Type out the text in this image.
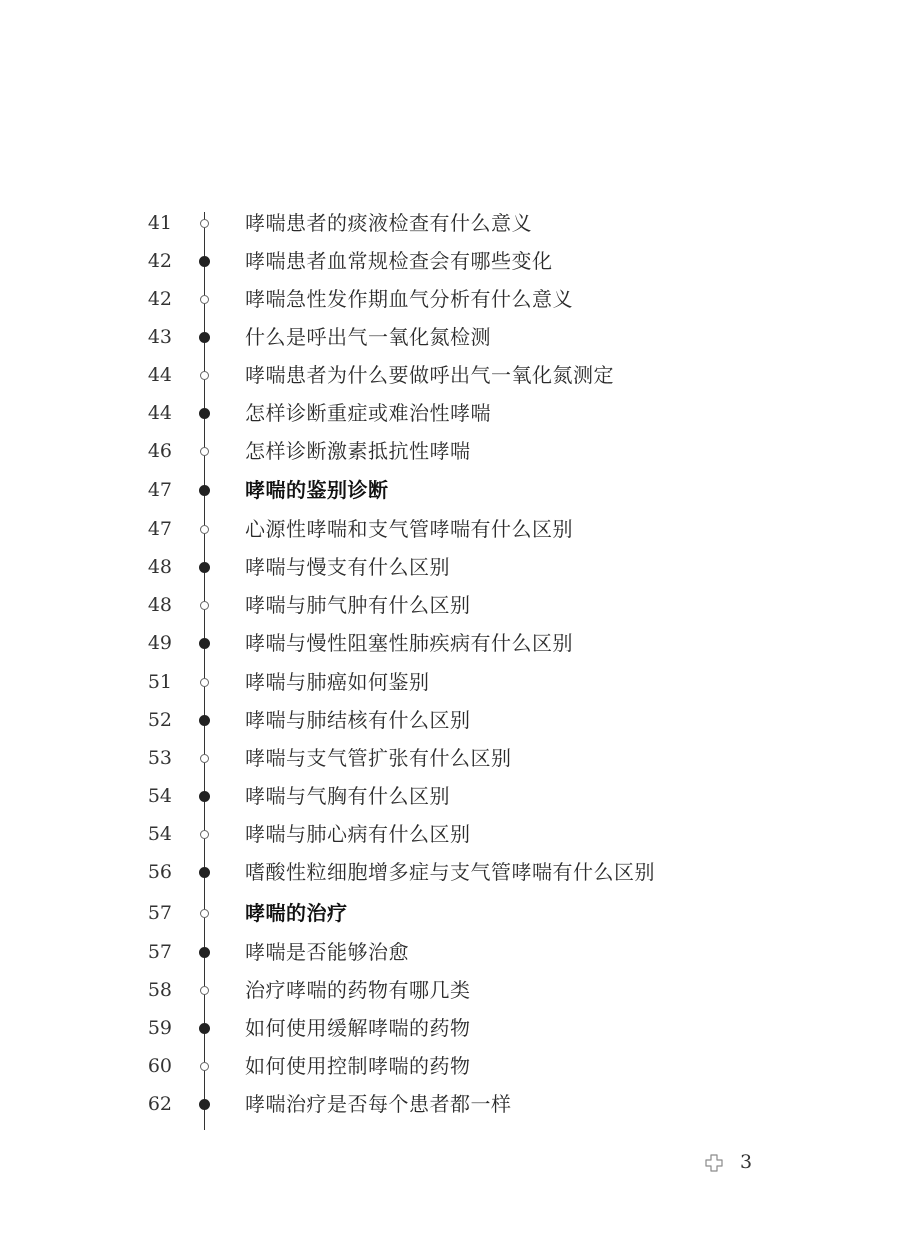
41	哮喘患者的痰液检查有什么意义
42	哮喘患者血常规检查会有哪些变化
42	哮喘急性发作期血气分析有什么意义
43	什么是呼出气一氧化氮检测
44	哮喘患者为什么要做呼出气一氧化氮测定
44	怎样诊断重症或难治性哮喘
46	怎样诊断激素抵抗性哮喘
47	哮喘的鉴别诊断
47	心源性哮喘和支气管哮喘有什么区别
48	哮喘与慢支有什么区别
48	哮喘与肺气肿有什么区别
49	哮喘与慢性阻塞性肺疾病有什么区别
51	哮喘与肺癌如何鉴别
52	哮喘与肺结核有什么区别
53	哮喘与支气管扩张有什么区别
54	哮喘与气胸有什么区别
54	哮喘与肺心病有什么区别
56	嗜酸性粒细胞增多症与支气管哮喘有什么区别
57	哮喘的治疗
57	哮喘是否能够治愈
58	治疗哮喘的药物有哪几类
59	如何使用缓解哮喘的药物
60	如何使用控制哮喘的药物
62	哮喘治疗是否每个患者都一样
3
